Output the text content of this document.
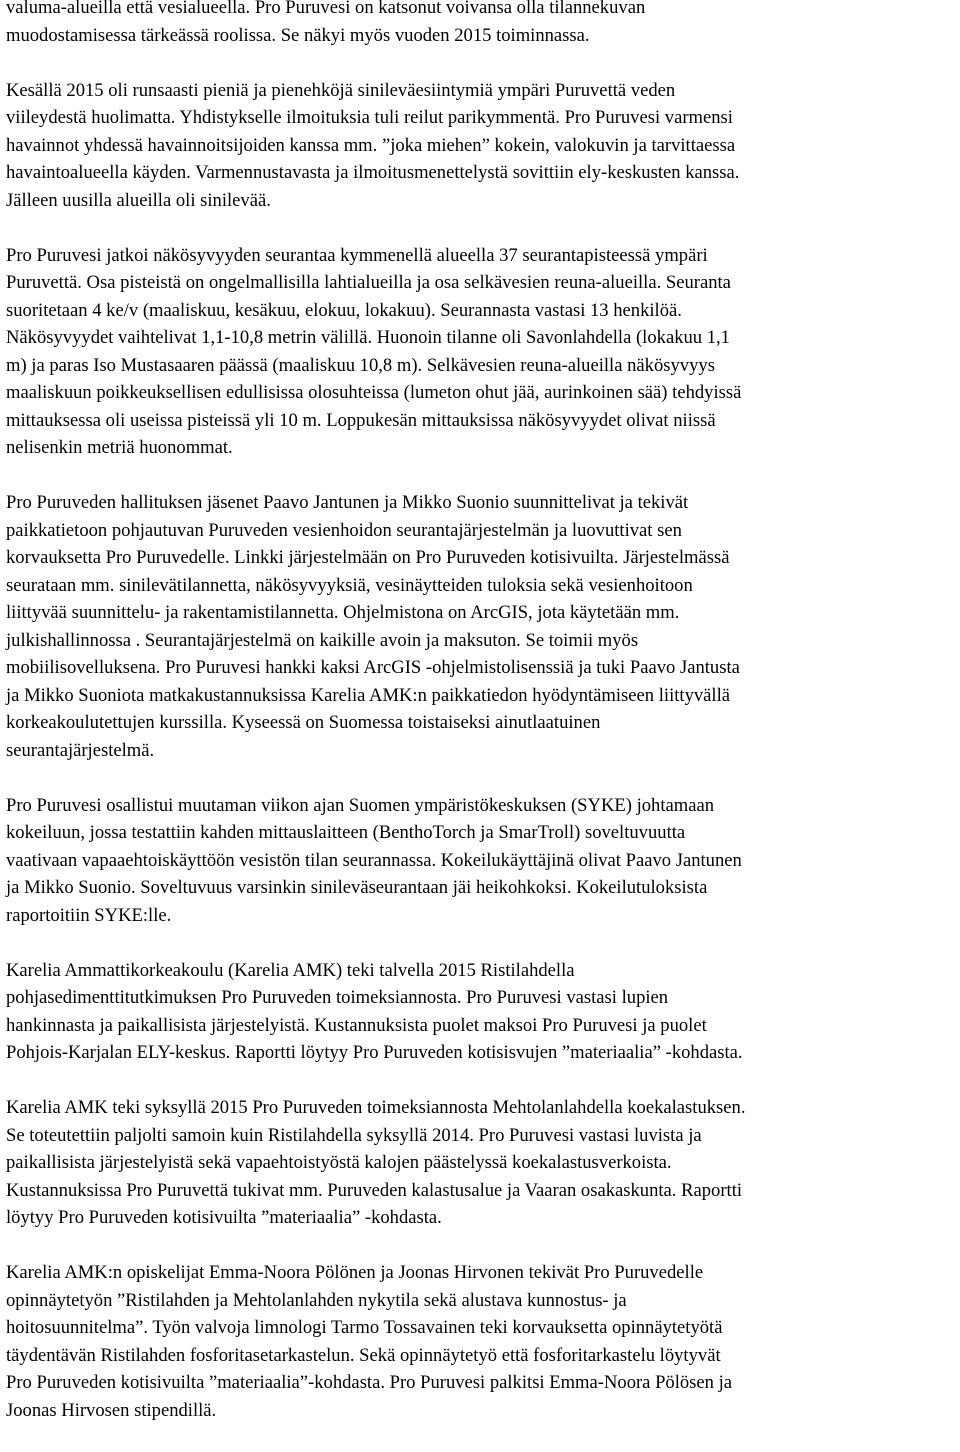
valuma-alueilla että vesialueella. Pro Puruvesi on katsonut voivansa olla tilannekuvan
muodostamisessa tärkeässä roolissa. Se näkyi myös vuoden 2015 toiminnassa.

Kesällä 2015 oli runsaasti pieniä ja pienehköjä sinileväesiintymiä ympäri Puruvettä veden
viileydestä huolimatta. Yhdistykselle ilmoituksia tuli reilut parikymmentä. Pro Puruvesi varmensi
havainnot yhdessä havainnoitsijoiden kanssa mm. ”joka miehen” kokein, valokuvin ja tarvittaessa
havaintoalueella käyden. Varmennustavasta ja ilmoitusmenettelystä sovittiin ely-keskusten kanssa.
Jälleen uusilla alueilla oli sinilevää.

Pro Puruvesi jatkoi näkösyvyyden seurantaa kymmenellä alueella 37 seurantapisteessä ympäri
Puruvettä. Osa pisteistä on ongelmallisilla lahtialueilla ja osa selkävesien reuna-alueilla. Seuranta
suoritetaan 4 ke/v (maaliskuu, kesäkuu, elokuu, lokakuu). Seurannasta vastasi 13 henkilöä.
Näkösyvyydet vaihtelivat 1,1-10,8 metrin välillä. Huonoin tilanne oli Savonlahdella (lokakuu 1,1
m) ja paras Iso Mustasaaren päässä (maaliskuu 10,8 m). Selkävesien reuna-alueilla näkösyvyys
maaliskuun poikkeuksellisen edullisissa olosuhteissa (lumeton ohut jää, aurinkoinen sää) tehdyissä
mittauksessa oli useissa pisteissä yli 10 m. Loppukesän mittauksissa näkösyvyydet olivat niissä
nelisenkin metriä huonommat.

Pro Puruveden hallituksen jäsenet Paavo Jantunen ja Mikko Suonio suunnittelivat ja tekivät
paikkatietoon pohjautuvan Puruveden vesienhoidon seurantajärjestelmän ja luovuttivat sen
korvauksetta Pro Puruvedelle. Linkki järjestelmään on Pro Puruveden kotisivuilta. Järjestelmässä
seurataan mm. sinilevätilannetta, näkösyvyyksiä, vesinäytteiden tuloksia sekä vesienhoitoon
liittyvää suunnittelu- ja rakentamistilannetta. Ohjelmistona on ArcGIS, jota käytetään mm.
julkishallinnossa . Seurantajärjestelmä on kaikille avoin ja maksuton. Se toimii myös
mobiilisovelluksena. Pro Puruvesi hankki kaksi ArcGIS -ohjelmistolisenssiä ja tuki Paavo Jantusta
ja Mikko Suoniota matkakustannuksissa Karelia AMK:n paikkatiedon hyödyntämiseen liittyvällä
korkeakoulutettujen kurssilla. Kyseessä on Suomessa toistaiseksi ainutlaatuinen
seurantajärjestelmä.

Pro Puruvesi osallistui muutaman viikon ajan Suomen ympäristökeskuksen (SYKE) johtamaan
kokeiluun, jossa testattiin kahden mittauslaitteen (BenthoTorch ja SmarTroll) soveltuvuutta
vaativaan vapaaehtoiskäyttöön vesistön tilan seurannassa. Kokeilukäyttäjinä olivat Paavo Jantunen
ja Mikko Suonio. Soveltuvuus varsinkin sinileväseurantaan jäi heikohkoksi. Kokeilutuloksista
raportoitiin SYKE:lle.

Karelia Ammattikorkeakoulu (Karelia AMK) teki talvella 2015 Ristilahdella
pohjasedimenttitutkimuksen Pro Puruveden toimeksiannosta. Pro Puruvesi vastasi lupien
hankinnasta ja paikallisista järjestelyistä. Kustannuksista puolet maksoi Pro Puruvesi ja puolet
Pohjois-Karjalan ELY-keskus. Raportti löytyy Pro Puruveden kotisisvujen ”materiaalia” -kohdasta.

Karelia AMK teki syksyllä 2015 Pro Puruveden toimeksiannosta Mehtolanlahdella koekalastuksen.
Se toteutettiin paljolti samoin kuin Ristilahdella syksyllä 2014. Pro Puruvesi vastasi luvista ja
paikallisista järjestelyistä sekä vapaehtoistyöstä kalojen päästelyssä koekalastusverkoista.
Kustannuksissa Pro Puruvettä tukivat mm. Puruveden kalastusalue ja Vaaran osakaskunta. Raportti
löytyy Pro Puruveden kotisivuilta ”materiaalia” -kohdasta.

Karelia AMK:n opiskelijat Emma-Noora Pölönen ja Joonas Hirvonen tekivät Pro Puruvedelle
opinnäytetyön ”Ristilahden ja Mehtolanlahden nykytila sekä alustava kunnostus- ja
hoitosuunnitelma”. Työn valvoja limnologi Tarmo Tossavainen teki korvauksetta opinnäytetyötä
täydentävän Ristilahden fosforitasetarkastelun. Sekä opinnäytetyö että fosforitarkastelu löytyvät
Pro Puruveden kotisivuilta ”materiaalia”-kohdasta. Pro Puruvesi palkitsi Emma-Noora Pölösen ja
Joonas Hirvosen stipendillä.
